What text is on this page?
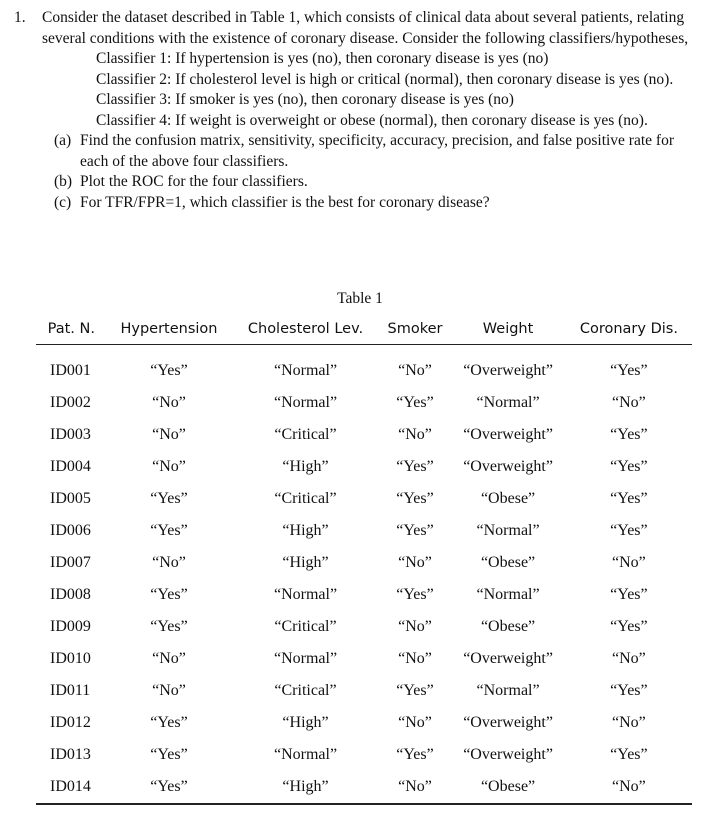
1. Consider the dataset described in Table 1, which consists of clinical data about several patients, relating several conditions with the existence of coronary disease. Consider the following classifiers/hypotheses,
Classifier 1: If hypertension is yes (no), then coronary disease is yes (no)
Classifier 2: If cholesterol level is high or critical (normal), then coronary disease is yes (no).
Classifier 3: If smoker is yes (no), then coronary disease is yes (no)
Classifier 4: If weight is overweight or obese (normal), then coronary disease is yes (no).
(a) Find the confusion matrix, sensitivity, specificity, accuracy, precision, and false positive rate for each of the above four classifiers.
(b) Plot the ROC for the four classifiers.
(c) For TFR/FPR=1, which classifier is the best for coronary disease?
Table 1
Pat. N.	Hypertension	Cholesterol Lev.	Smoker	Weight	Coronary Dis.
ID001	“Yes”	“Normal”	“No”	“Overweight”	“Yes”
ID002	“No”	“Normal”	“Yes”	“Normal”	“No”
ID003	“No”	“Critical”	“No”	“Overweight”	“Yes”
ID004	“No”	“High”	“Yes”	“Overweight”	“Yes”
ID005	“Yes”	“Critical”	“Yes”	“Obese”	“Yes”
ID006	“Yes”	“High”	“Yes”	“Normal”	“Yes”
ID007	“No”	“High”	“No”	“Obese”	“No”
ID008	“Yes”	“Normal”	“Yes”	“Normal”	“Yes”
ID009	“Yes”	“Critical”	“No”	“Obese”	“Yes”
ID010	“No”	“Normal”	“No”	“Overweight”	“No”
ID011	“No”	“Critical”	“Yes”	“Normal”	“Yes”
ID012	“Yes”	“High”	“No”	“Overweight”	“No”
ID013	“Yes”	“Normal”	“Yes”	“Overweight”	“Yes”
ID014	“Yes”	“High”	“No”	“Obese”	“No”
